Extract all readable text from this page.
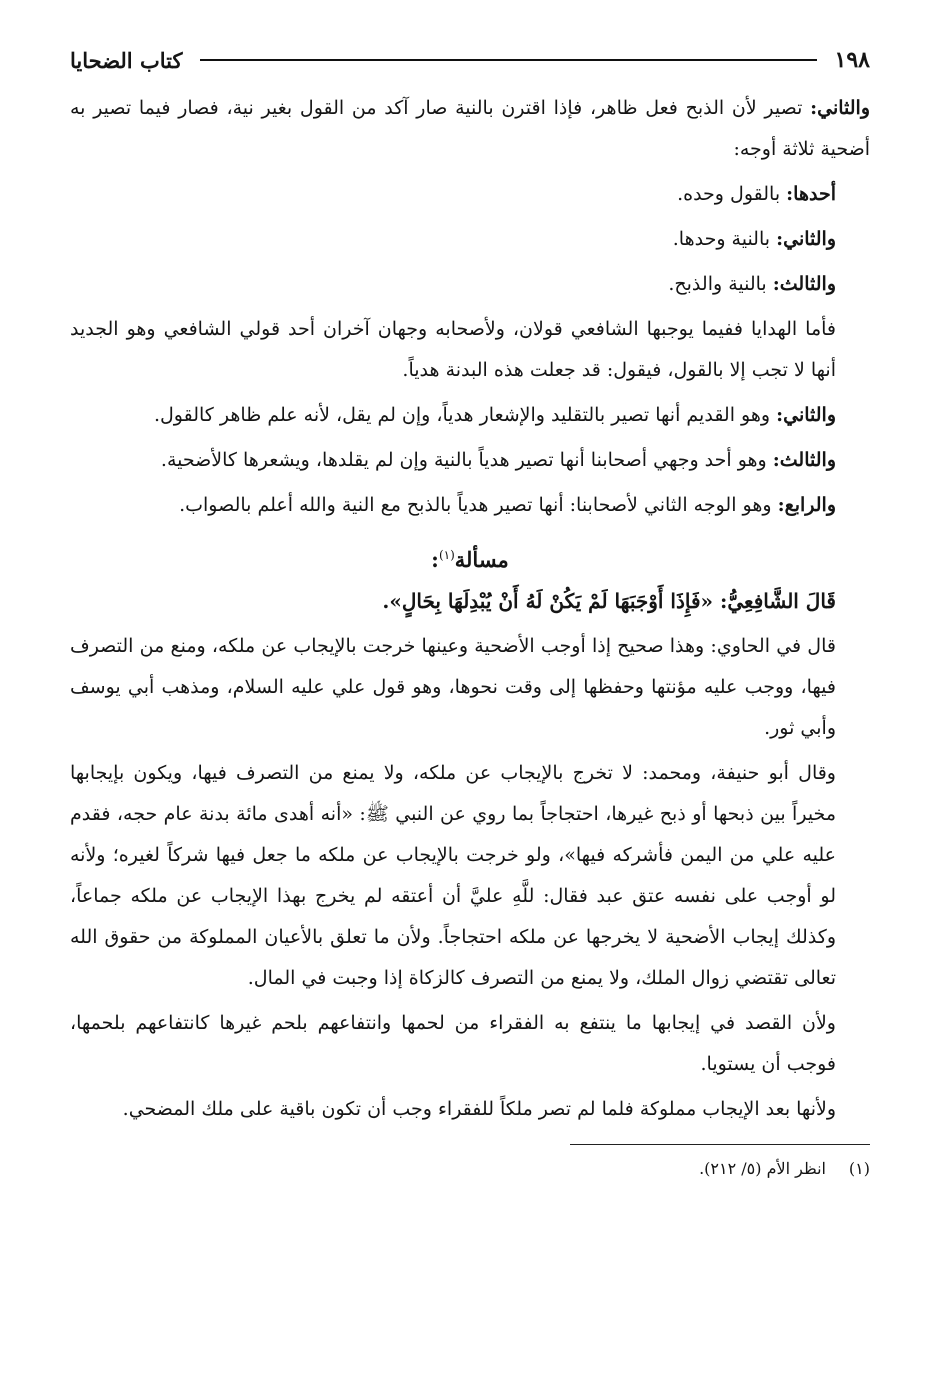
١٩٨
كتاب الضحايا

والثاني: تصير لأن الذبح فعل ظاهر، فإذا اقترن بالنية صار آكد من القول بغير نية، فصار فيما تصير به أضحية ثلاثة أوجه:

أحدها: بالقول وحده.

والثاني: بالنية وحدها.

والثالث: بالنية والذبح.

فأما الهدايا ففيما يوجبها الشافعي قولان، ولأصحابه وجهان آخران أحد قولي الشافعي وهو الجديد أنها لا تجب إلا بالقول، فيقول: قد جعلت هذه البدنة هدياً.

والثاني: وهو القديم أنها تصير بالتقليد والإشعار هدياً، وإن لم يقل، لأنه علم ظاهر كالقول.

والثالث: وهو أحد وجهي أصحابنا أنها تصير هدياً بالنية وإن لم يقلدها، ويشعرها كالأضحية.

والرابع: وهو الوجه الثاني لأصحابنا: أنها تصير هدياً بالذبح مع النية والله أعلم بالصواب.

مسألة$^{(١)}$:

قَالَ الشَّافِعِيُّ: «فَإِذَا أَوْجَبَهَا لَمْ يَكُنْ لَهُ أَنْ يُبْدِلَهَا بِحَالٍ».

قال في الحاوي: وهذا صحيح إذا أوجب الأضحية وعينها خرجت بالإيجاب عن ملكه، ومنع من التصرف فيها، ووجب عليه مؤنتها وحفظها إلى وقت نحوها، وهو قول علي عليه السلام، ومذهب أبي يوسف وأبي ثور.

وقال أبو حنيفة، ومحمد: لا تخرج بالإيجاب عن ملكه، ولا يمنع من التصرف فيها، ويكون بإيجابها مخيراً بين ذبحها أو ذبح غيرها، احتجاجاً بما روي عن النبي ﷺ: «أنه أهدى مائة بدنة عام حجه، فقدم عليه علي من اليمن فأشركه فيها»، ولو خرجت بالإيجاب عن ملكه ما جعل فيها شركاً لغيره؛ ولأنه لو أوجب على نفسه عتق عبد فقال: للَّهِ عليَّ أن أعتقه لم يخرج بهذا الإيجاب عن ملكه جماعاً، وكذلك إيجاب الأضحية لا يخرجها عن ملكه احتجاجاً. ولأن ما تعلق بالأعيان المملوكة من حقوق الله تعالى تقتضي زوال الملك، ولا يمنع من التصرف كالزكاة إذا وجبت في المال.

ولأن القصد في إيجابها ما ينتفع به الفقراء من لحمها وانتفاعهم بلحم غيرها كانتفاعهم بلحمها، فوجب أن يستويا.

ولأنها بعد الإيجاب مملوكة فلما لم تصر ملكاً للفقراء وجب أن تكون باقية على ملك المضحي.

(١)انظر الأم (٥/ ٢١٢).
